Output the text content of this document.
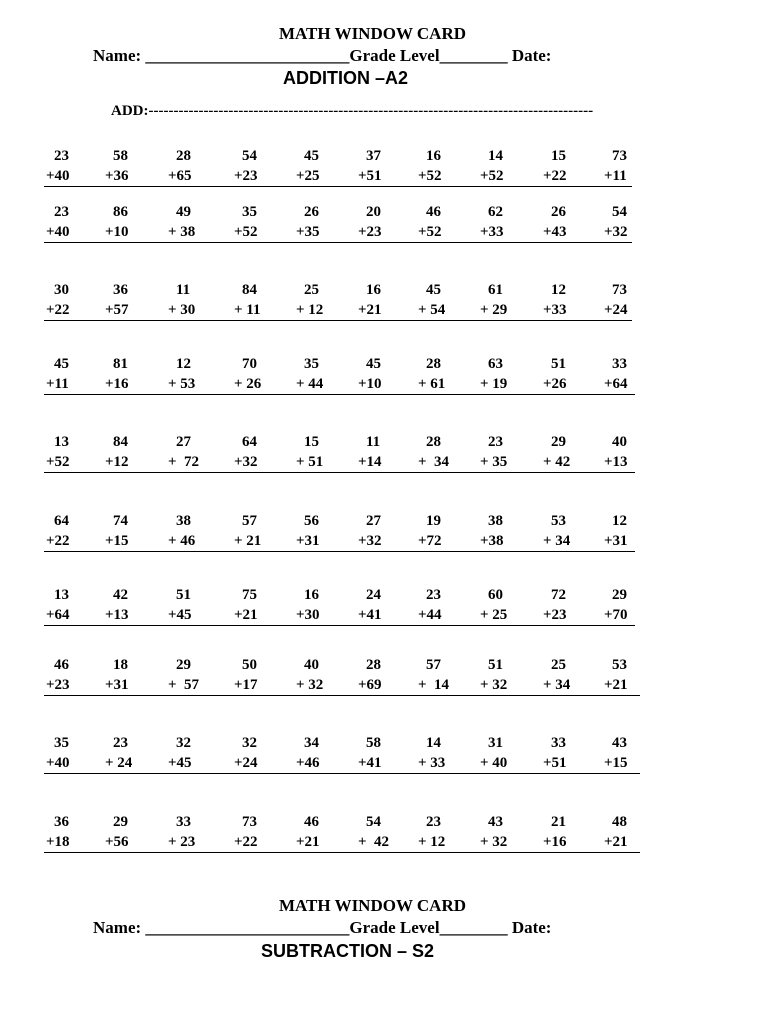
MATH WINDOW CARD
Name: ________________________Grade Level________ Date:
ADDITION –A2
ADD:-----------------------------------------------------------------------------------------
23
+40
58
+36
28
+65
54
+23
45
+25
37
+51
16
+52
14
+52
15
+22
73
+11
23
+40
86
+10
49
+ 38
35
+52
26
+35
20
+23
46
+52
62
+33
26
+43
54
+32
30
+22
36
+57
11
+ 30
84
+ 11
25
+ 12
16
+21
45
+ 54
61
+ 29
12
+33
73
+24
45
+11
81
+16
12
+ 53
70
+ 26
35
+ 44
45
+10
28
+ 61
63
+ 19
51
+26
33
+64
13
+52
84
+12
27
+  72
64
+32
15
+ 51
11
+14
28
+  34
23
+ 35
29
+ 42
40
+13
64
+22
74
+15
38
+ 46
57
+ 21
56
+31
27
+32
19
+72
38
+38
53
+ 34
12
+31
13
+64
42
+13
51
+45
75
+21
16
+30
24
+41
23
+44
60
+ 25
72
+23
29
+70
46
+23
18
+31
29
+  57
50
+17
40
+ 32
28
+69
57
+  14
51
+ 32
25
+ 34
53
+21
35
+40
23
+ 24
32
+45
32
+24
34
+46
58
+41
14
+ 33
31
+ 40
33
+51
43
+15
36
+18
29
+56
33
+ 23
73
+22
46
+21
54
+  42
23
+ 12
43
+ 32
21
+16
48
+21
MATH WINDOW CARD
Name: ________________________Grade Level________ Date:
SUBTRACTION – S2
